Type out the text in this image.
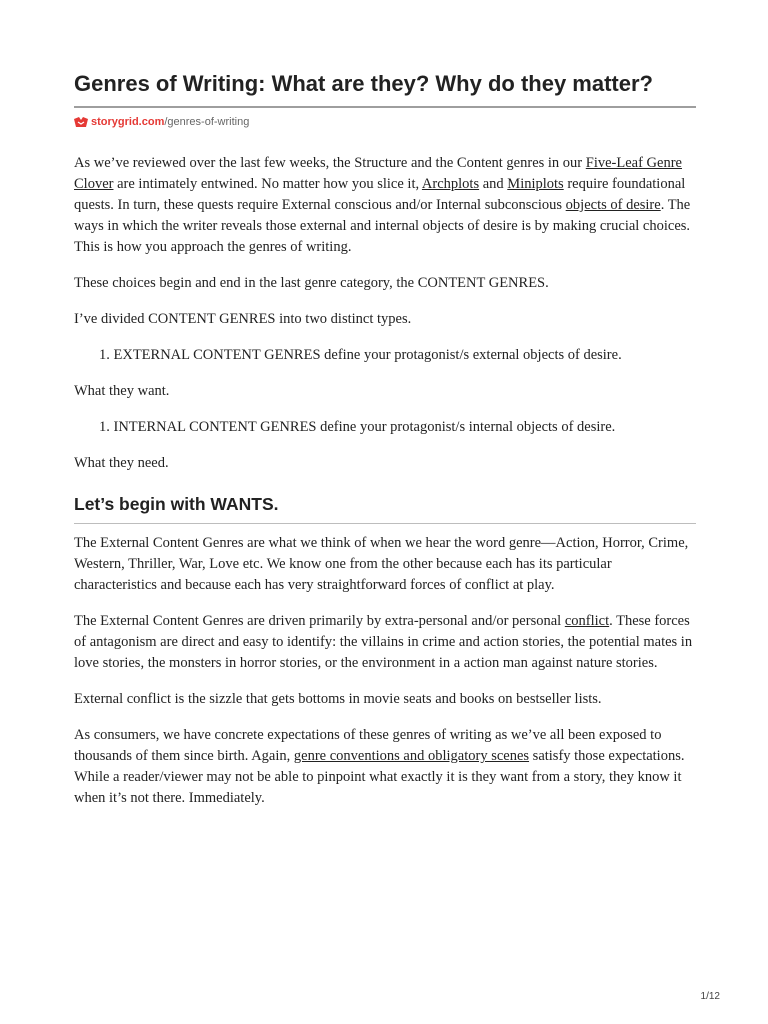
Genres of Writing: What are they? Why do they matter?
storygrid.com /genres-of-writing

As we’ve reviewed over the last few weeks, the Structure and the Content genres in our Five-Leaf Genre Clover are intimately entwined. No matter how you slice it, Archplots and Miniplots require foundational quests. In turn, these quests require External conscious and/or Internal subconscious objects of desire. The ways in which the writer reveals those external and internal objects of desire is by making crucial choices. This is how you approach the genres of writing.

These choices begin and end in the last genre category, the CONTENT GENRES.

I’ve divided CONTENT GENRES into two distinct types.

1. EXTERNAL CONTENT GENRES define your protagonist/s external objects of desire.

What they want.

1. INTERNAL CONTENT GENRES define your protagonist/s internal objects of desire.

What they need.

Let’s begin with WANTS.

The External Content Genres are what we think of when we hear the word genre—Action, Horror, Crime, Western, Thriller, War, Love etc. We know one from the other because each has its particular characteristics and because each has very straightforward forces of conflict at play.

The External Content Genres are driven primarily by extra-personal and/or personal conflict. These forces of antagonism are direct and easy to identify: the villains in crime and action stories, the potential mates in love stories, the monsters in horror stories, or the environment in a action man against nature stories.

External conflict is the sizzle that gets bottoms in movie seats and books on bestseller lists.

As consumers, we have concrete expectations of these genres of writing as we’ve all been exposed to thousands of them since birth. Again, genre conventions and obligatory scenes satisfy those expectations. While a reader/viewer may not be able to pinpoint what exactly it is they want from a story, they know it when it’s not there. Immediately.

1/12
